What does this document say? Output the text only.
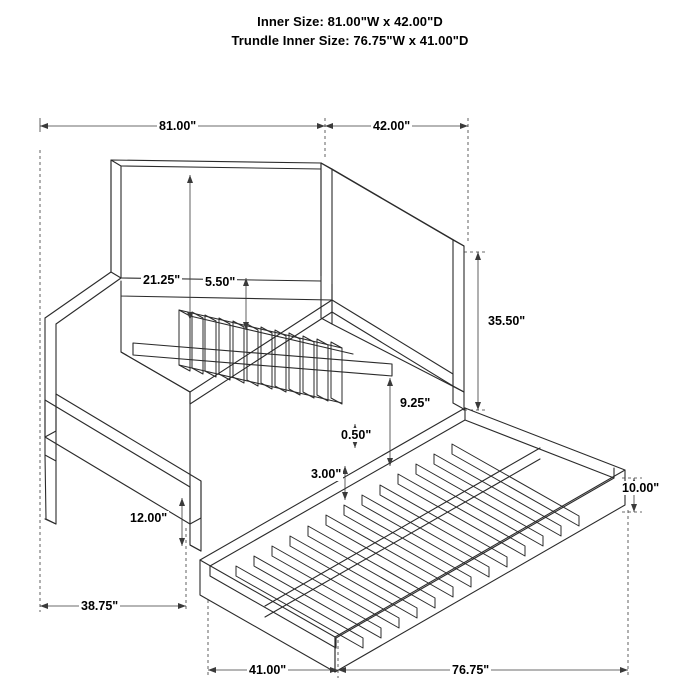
Inner Size: 81.00"W x 42.00"D
Trundle Inner Size: 76.75"W x 41.00"D
81.00"	42.00"
21.25" 5.50"
35.50"
9.25"
0.50"
3.00"
12.00"
10.00"
38.75"
41.00"	76.75"
